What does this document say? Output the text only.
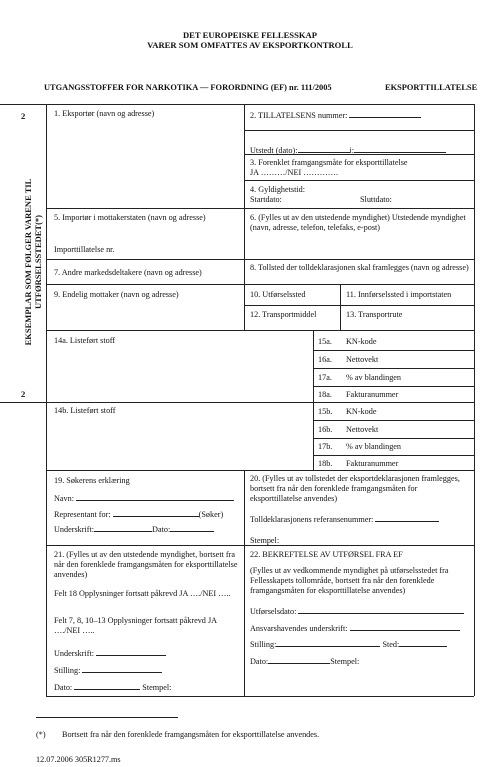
DET EUROPEISKE FELLESSKAP
VARER SOM OMFATTES AV EKSPORTKONTROLL
UTGANGSSTOFFER FOR NARKOTIKA — FORORDNING (EF) nr. 111/2005	EKSPORTTILLATELSE
2
EKSEMPLAR SOM FØLGER VARENE TIL UTFØRSELSSTEDET(*)
2
1. Eksportør (navn og adresse)	2. TILLATELSENS nummer:
Utstedt (dato):	i:
3. Forenklet framgangsmåte for eksporttillatelse
JA ………/NEI ………….
4. Gyldighetstid:
Startdato:	Sluttdato:
5. Importør i mottakerstaten (navn og adresse)
Importtillatelse nr.
6. (Fylles ut av den utstedende myndighet) Utstedende myndighet (navn, adresse, telefon, telefaks, e-post)
7. Andre markedsdeltakere (navn og adresse)
8. Tollsted der tolldeklarasjonen skal framlegges (navn og adresse)
9. Endelig mottaker (navn og adresse)	10. Utførselssted	11. Innførselssted i importstaten
12. Transportmiddel	13. Transportrute
14a. Listeført stoff	15a. KN-kode
16a. Nettovekt
17a. % av blandingen
18a. Fakturanummer
14b. Listeført stoff	15b. KN-kode
16b. Nettovekt
17b. % av blandingen
18b. Fakturanummer
19. Søkerens erklæring
Navn:
Representant for:	(Søker)
Underskrift:	Dato:
20. (Fylles ut av tollstedet der eksportdeklarasjonen framlegges, bortsett fra når den forenklede framgangsmåten for eksporttillatelse anvendes)
Tolldeklarasjonens referansenummer:
Stempel:
21. (Fylles ut av den utstedende myndighet, bortsett fra når den forenklede framgangsmåten for eksporttillatelse anvendes)
Felt 18 Opplysninger fortsatt påkrevd JA …./NEI …..
Felt 7, 8, 10–13 Opplysninger fortsatt påkrevd JA …./NEI …..
Underskrift:
Stilling:
Dato:	Stempel:
22. BEKREFTELSE AV UTFØRSEL FRA EF
(Fylles ut av vedkommende myndighet på utførselsstedet fra Fellesskapets tollområde, bortsett fra når den forenklede framgangsmåten for eksporttillatelse anvendes)
Utførselsdato:
Ansvarshavendes underskrift:
Stilling:	Sted:
Dato:	Stempel:
(*) Bortsett fra når den forenklede framgangsmåten for eksporttillatelse anvendes.
12.07.2006 305R1277.ms
